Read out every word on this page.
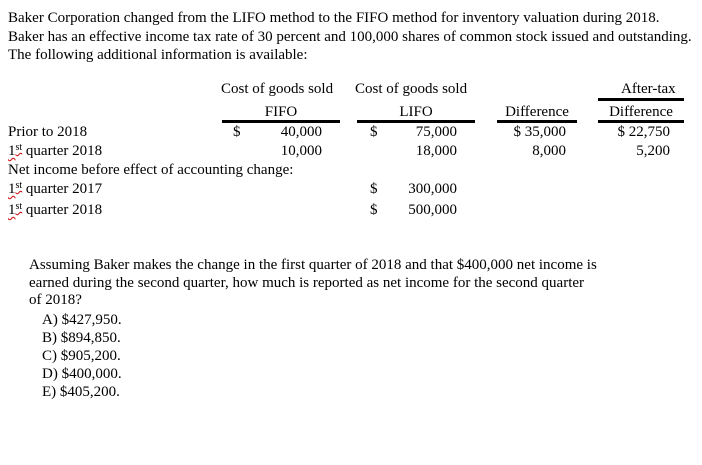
Baker Corporation changed from the LIFO method to the FIFO method for inventory valuation during 2018. Baker has an effective income tax rate of 30 percent and 100,000 shares of common stock issued and outstanding. The following additional information is available:
Cost of goods sold Cost of goods sold	After-tax
FIFO	LIFO	Difference	Difference
Prior to 2018	$	40,000	$	75,000	$ 35,000	$ 22,750
1st quarter 2018	10,000	18,000	8,000	5,200
Net income before effect of accounting change:
1st quarter 2017	$	300,000
1st quarter 2018	$	500,000
Assuming Baker makes the change in the first quarter of 2018 and that $400,000 net income is earned during the second quarter, how much is reported as net income for the second quarter of 2018?
A) $427,950.
B) $894,850.
C) $905,200.
D) $400,000.
E) $405,200.
